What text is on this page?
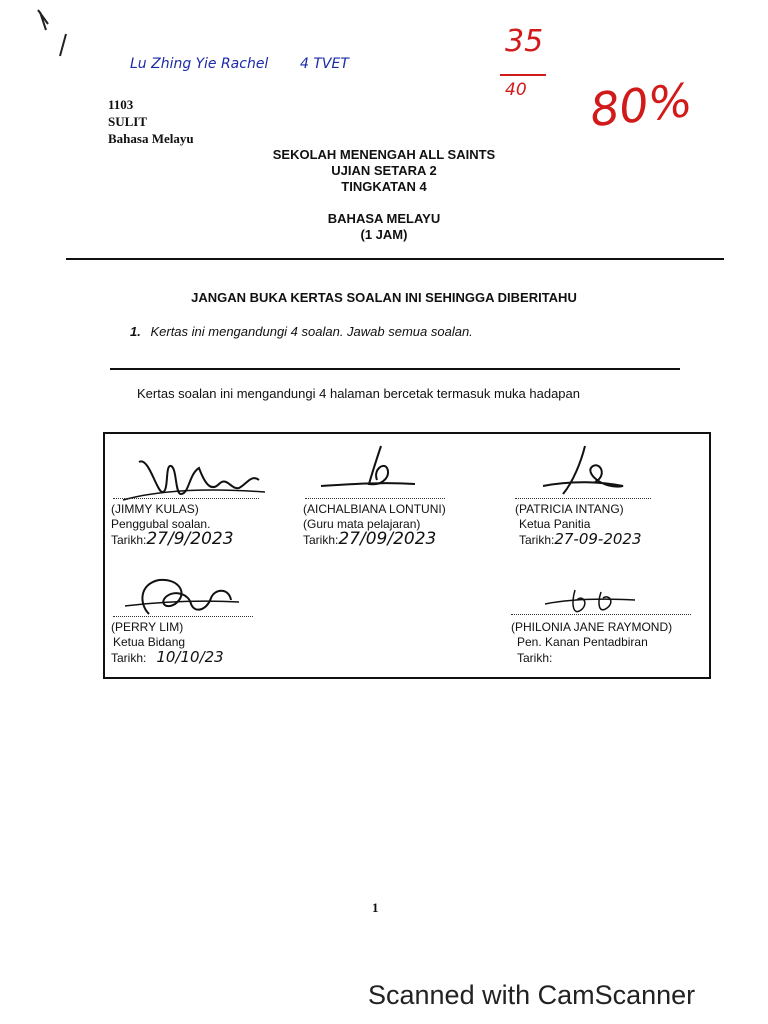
Lu Zhing Yie Rachel 4 TVET
35
40 80%
1103
SULIT
Bahasa Melayu
SEKOLAH MENENGAH ALL SAINTS
UJIAN SETARA 2
TINGKATAN 4
BAHASA MELAYU
(1 JAM)
JANGAN BUKA KERTAS SOALAN INI SEHINGGA DIBERITAHU
1. Kertas ini mengandungi 4 soalan. Jawab semua soalan.
Kertas soalan ini mengandungi 4 halaman bercetak termasuk muka hadapan
(JIMMY KULAS)
Penggubal soalan.
Tarikh:27/9/2023
(AICHALBIANA LONTUNI)
(Guru mata pelajaran)
Tarikh:27/09/2023
(PATRICIA INTANG)
Ketua Panitia
Tarikh:27-09-2023
(PERRY LIM)
Ketua Bidang
Tarikh: 10/10/23
(PHILONIA JANE RAYMOND)
Pen. Kanan Pentadbiran
Tarikh:
1
Scanned with CamScanner
